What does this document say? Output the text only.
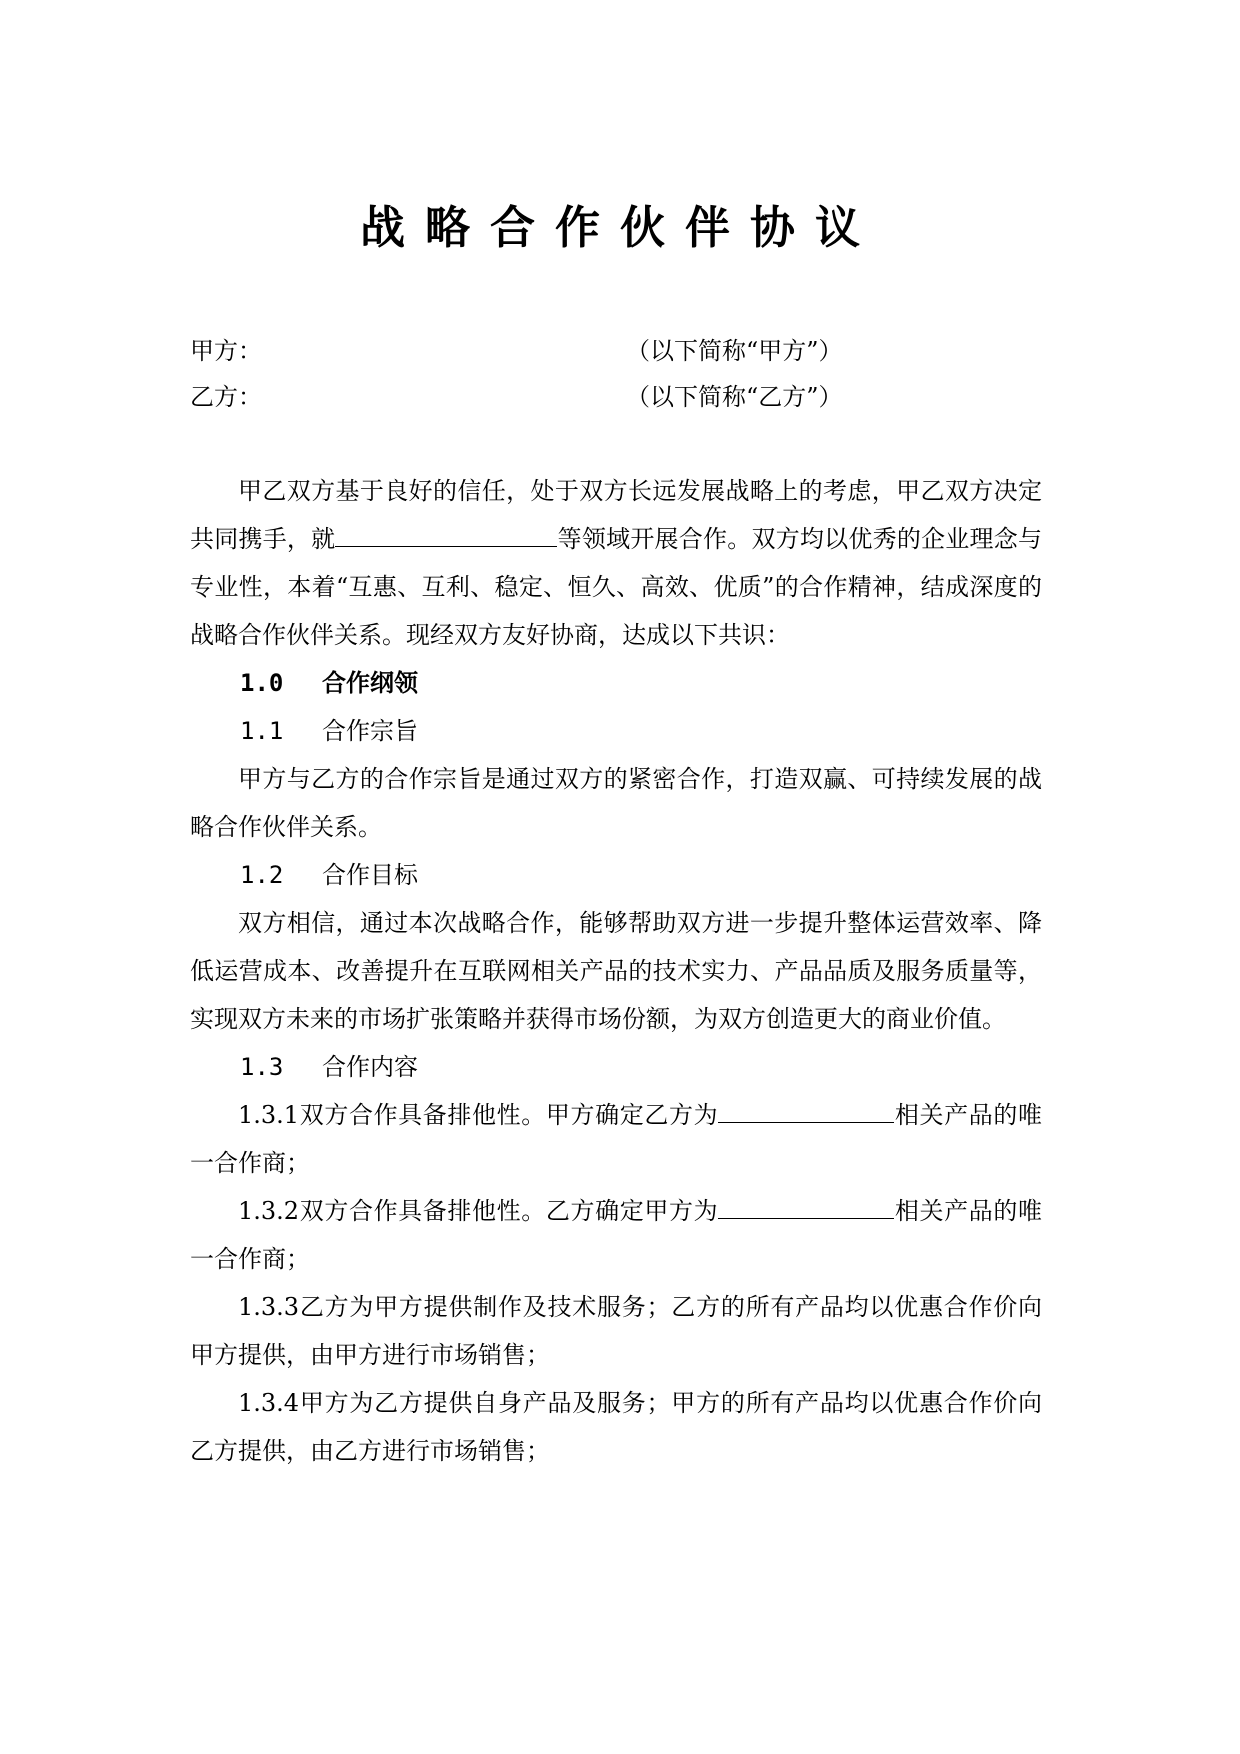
战略合作伙伴协议
甲方：	（以下简称“甲方”）
乙方：	（以下简称“乙方”）

甲乙双方基于良好的信任，处于双方长远发展战略上的考虑，甲乙双方决定共同携手，就	等领域开展合作。双方均以优秀的企业理念与专业性，本着“互惠、互利、稳定、恒久、高效、优质”的合作精神，结成深度的战略合作伙伴关系。现经双方友好协商，达成以下共识：

1.0 合作纲领

1.1 合作宗旨

甲方与乙方的合作宗旨是通过双方的紧密合作，打造双赢、可持续发展的战略合作伙伴关系。

1.2 合作目标

双方相信，通过本次战略合作，能够帮助双方进一步提升整体运营效率、降低运营成本、改善提升在互联网相关产品的技术实力、产品品质及服务质量等，实现双方未来的市场扩张策略并获得市场份额，为双方创造更大的商业价值。

1.3 合作内容

1.3.1双方合作具备排他性。甲方确定乙方为	相关产品的唯一合作商；

1.3.2双方合作具备排他性。乙方确定甲方为	相关产品的唯一合作商；

1.3.3乙方为甲方提供制作及技术服务；乙方的所有产品均以优惠合作价向甲方提供，由甲方进行市场销售；

1.3.4甲方为乙方提供自身产品及服务；甲方的所有产品均以优惠合作价向乙方提供，由乙方进行市场销售；
